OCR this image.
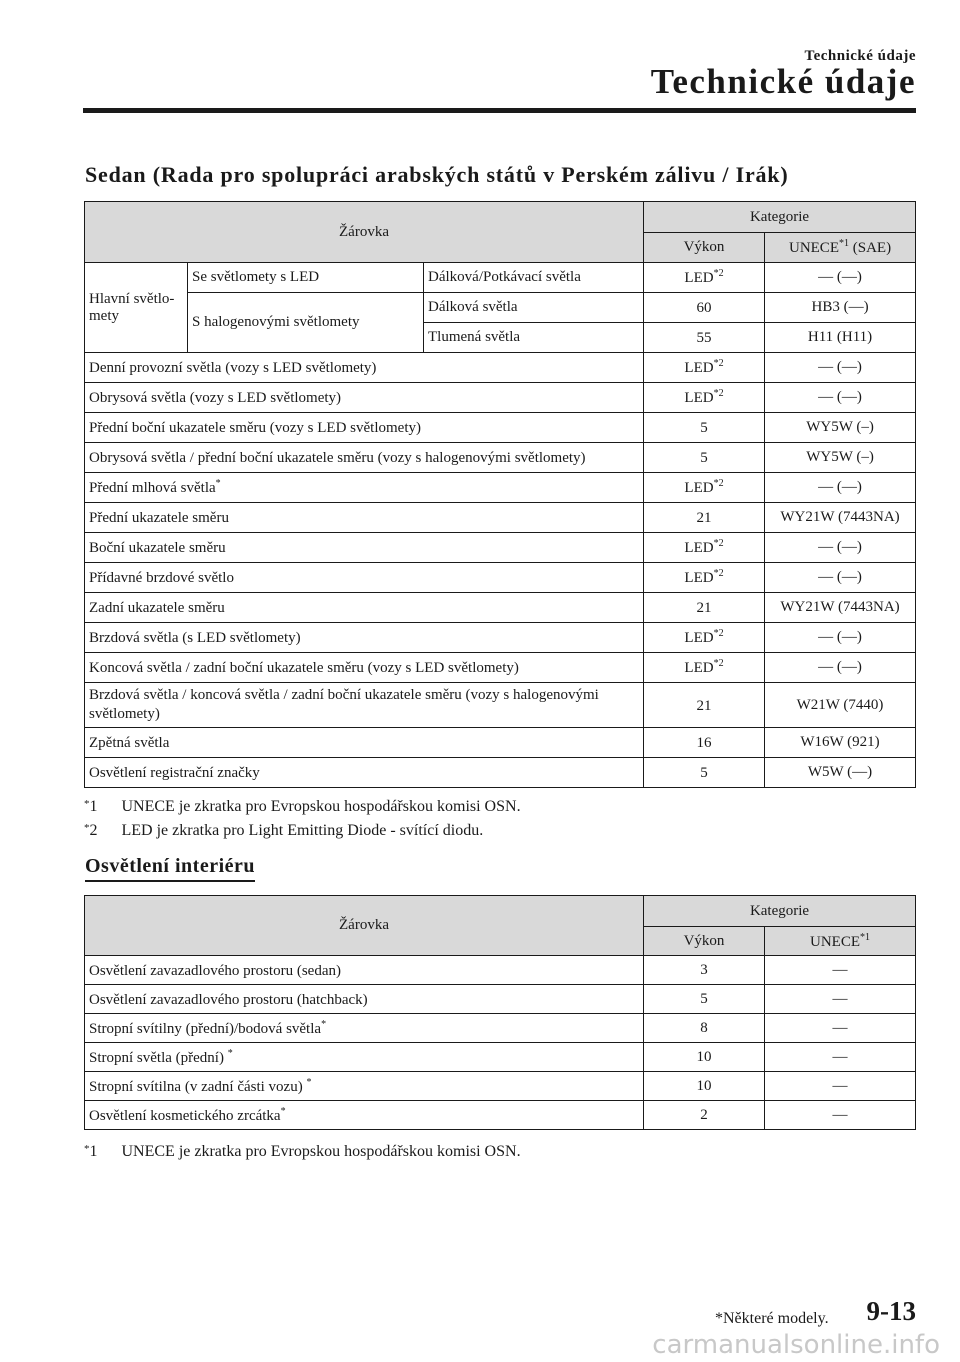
Technické údaje
Technické údaje
Sedan (Rada pro spolupráci arabských států v Perském zálivu / Irák)
Žárovka			Kategorie	
			Výkon	UNECE$^{*1}$ (SAE)
Hlavní světlo-mety	Se světlomety s LED	Dálková/Potkávací světla	LED$^{*2}$	— (—)
	S halogenovými světlomety	Dálková světla	60	HB3 (—)
		Tlumená světla	55	H11 (H11)
Denní provozní světla (vozy s LED světlomety)			LED$^{*2}$	— (—)
Obrysová světla (vozy s LED světlomety)			LED$^{*2}$	— (—)
Přední boční ukazatele směru (vozy s LED světlomety)			5	WY5W (–)
Obrysová světla / přední boční ukazatele směru (vozy s halogenovými světlomety)			5	WY5W (–)
Přední mlhová světla*			LED$^{*2}$	— (—)
Přední ukazatele směru			21	WY21W (7443NA)
Boční ukazatele směru			LED$^{*2}$	— (—)
Přídavné brzdové světlo			LED$^{*2}$	— (—)
Zadní ukazatele směru			21	WY21W (7443NA)
Brzdová světla (s LED světlomety)			LED$^{*2}$	— (—)
Koncová světla / zadní boční ukazatele směru (vozy s LED světlomety)			LED$^{*2}$	— (—)
Brzdová světla / koncová světla / zadní boční ukazatele směru (vozy s halogenovými světlomety)			21	W21W (7440)
Zpětná světla			16	W16W (921)
Osvětlení registrační značky			5	W5W (—)
*1 UNECE je zkratka pro Evropskou hospodářskou komisi OSN.
*2 LED je zkratka pro Light Emitting Diode - svítící diodu.
Osvětlení interiéru
Žárovka	Kategorie	
	Výkon	UNECE$^{*1}$
Osvětlení zavazadlového prostoru (sedan)	3	—
Osvětlení zavazadlového prostoru (hatchback)	5	—
Stropní svítilny (přední)/bodová světla*	8	—
Stropní světla (přední) *	10	—
Stropní svítilna (v zadní části vozu) *	10	—
Osvětlení kosmetického zrcátka*	2	—
*1 UNECE je zkratka pro Evropskou hospodářskou komisi OSN.
*Některé modely. 9-13
carmanualsonline.info
